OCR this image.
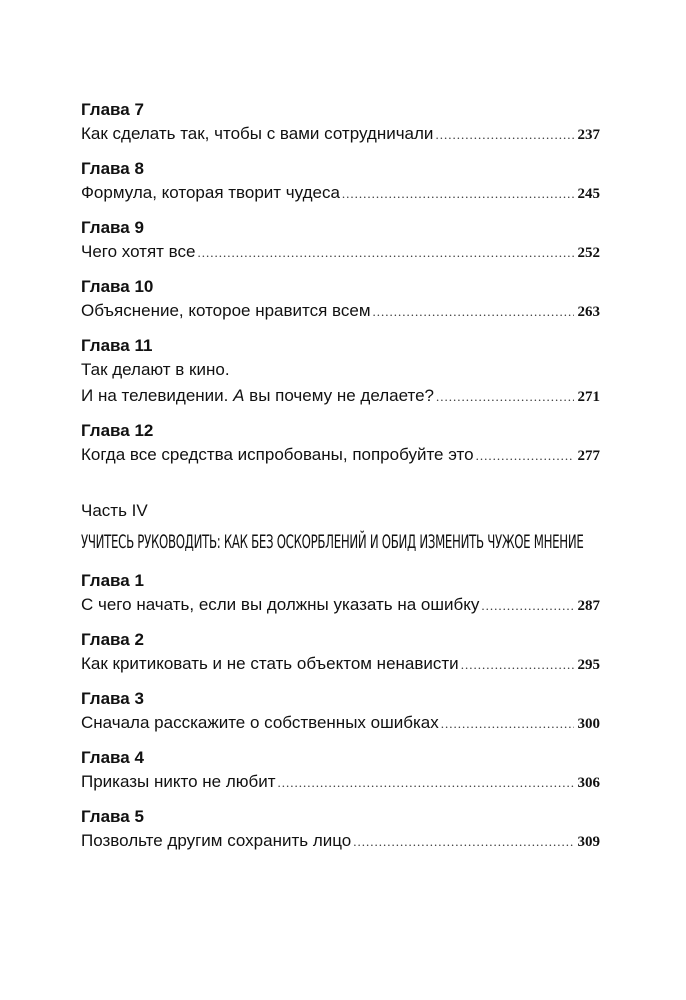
Глава 7
Как сделать так, чтобы с вами сотрудничали .....	237
Глава 8
Формула, которая творит чудеса .....	245
Глава 9
Чего хотят все .....	252
Глава 10
Объяснение, которое нравится всем .....	263
Глава 11
Так делают в кино.
И на телевидении. А вы почему не делаете? .....	271
Глава 12
Когда все средства испробованы, попробуйте это .....	277
Часть IV
УЧИТЕСЬ РУКОВОДИТЬ: КАК БЕЗ ОСКОРБЛЕНИЙ И ОБИД ИЗМЕНИТЬ ЧУЖОЕ МНЕНИЕ
Глава 1
С чего начать, если вы должны указать на ошибку .....	287
Глава 2
Как критиковать и не стать объектом ненависти .....	295
Глава 3
Сначала расскажите о собственных ошибках .....	300
Глава 4
Приказы никто не любит .....	306
Глава 5
Позвольте другим сохранить лицо .....	309
